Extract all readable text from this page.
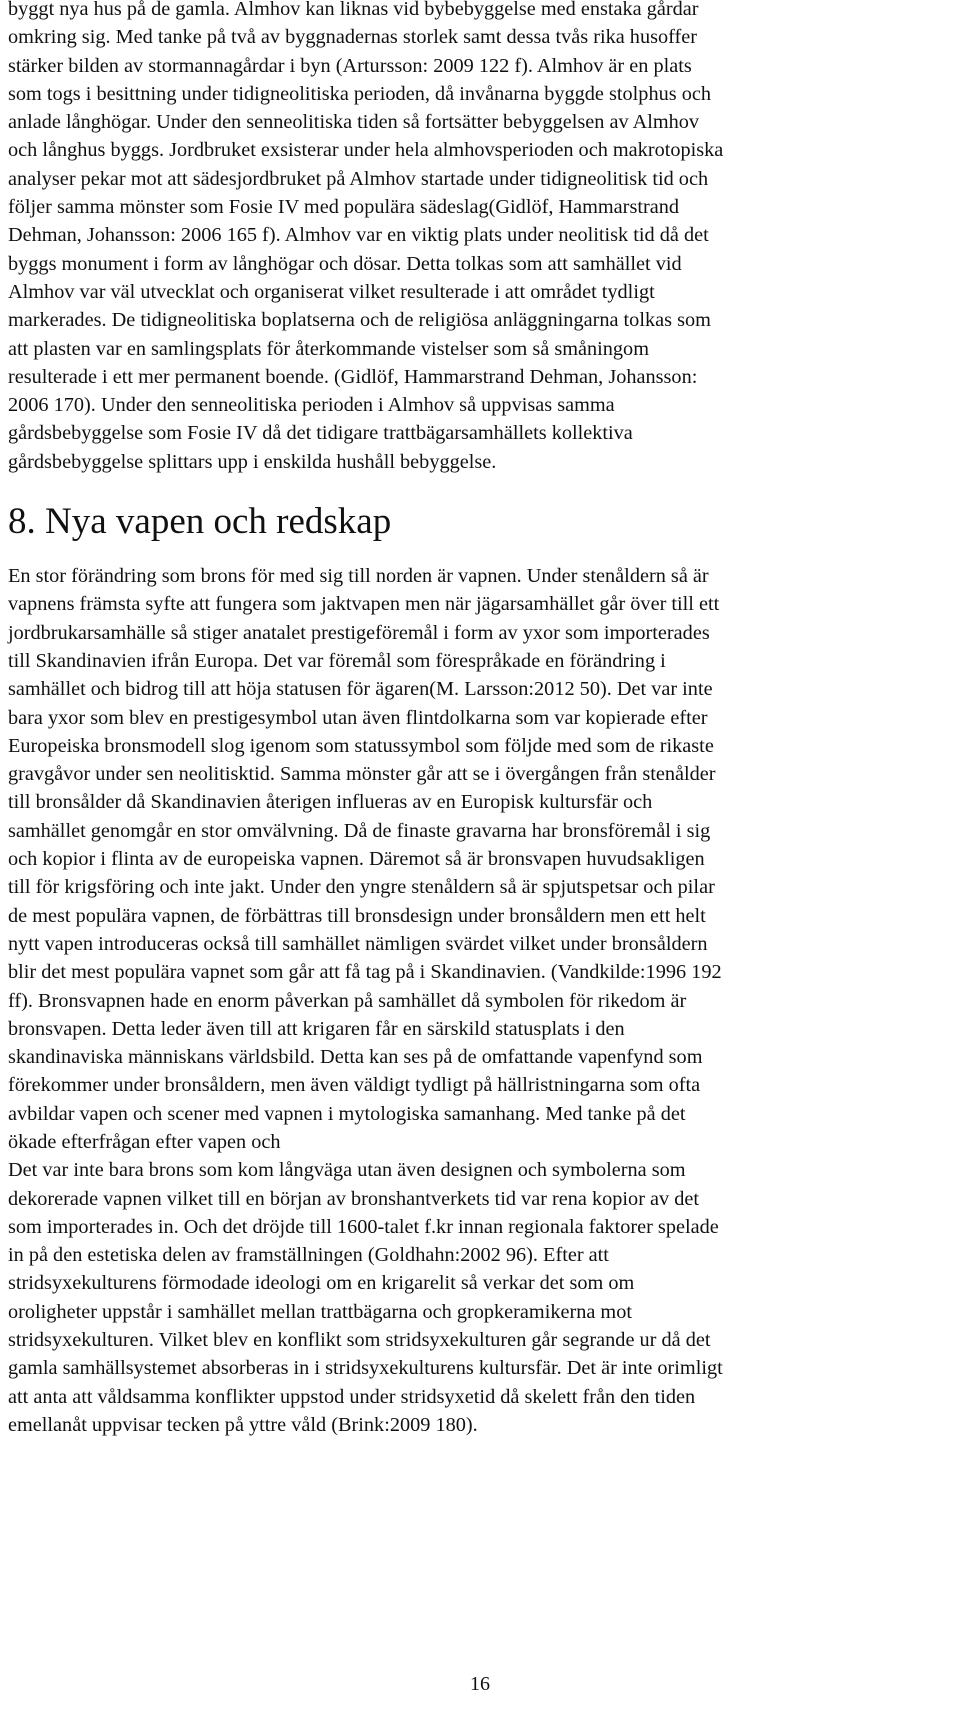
byggt nya hus på de gamla. Almhov kan liknas vid bybebyggelse med enstaka gårdar
omkring sig. Med tanke på två av byggnadernas storlek samt dessa tvås rika husoffer
stärker bilden av stormannagårdar i byn (Artursson: 2009 122 f). Almhov är en plats
som togs i besittning under tidigneolitiska perioden, då invånarna byggde stolphus och
anlade långhögar. Under den senneolitiska tiden så fortsätter bebyggelsen av Almhov
och långhus byggs. Jordbruket exsisterar under hela almhovsperioden och makrotopiska
analyser pekar mot att sädesjordbruket på Almhov startade under tidigneolitisk tid och
följer samma mönster som Fosie IV med populära sädeslag(Gidlöf, Hammarstrand
Dehman, Johansson: 2006 165 f). Almhov var en viktig plats under neolitisk tid då det
byggs monument i form av långhögar och dösar. Detta tolkas som att samhället vid
Almhov var väl utvecklat och organiserat vilket resulterade i att området tydligt
markerades. De tidigneolitiska boplatserna och de religiösa anläggningarna tolkas som
att plasten var en samlingsplats för återkommande vistelser som så småningom
resulterade i ett mer permanent boende. (Gidlöf, Hammarstrand Dehman, Johansson:
2006 170). Under den senneolitiska perioden i Almhov så uppvisas samma
gårdsbebyggelse som Fosie IV då det tidigare trattbägarsamhällets kollektiva
gårdsbebyggelse splittars upp i enskilda hushåll bebyggelse.

8. Nya vapen och redskap

En stor förändring som brons för med sig till norden är vapnen. Under stenåldern så är
vapnens främsta syfte att fungera som jaktvapen men när jägarsamhället går över till ett
jordbrukarsamhälle så stiger anatalet prestigeföremål i form av yxor som importerades
till Skandinavien ifrån Europa. Det var föremål som förespråkade en förändring i
samhället och bidrog till att höja statusen för ägaren(M. Larsson:2012 50). Det var inte
bara yxor som blev en prestigesymbol utan även flintdolkarna som var kopierade efter
Europeiska bronsmodell slog igenom som statussymbol som följde med som de rikaste
gravgåvor under sen neolitisktid. Samma mönster går att se i övergången från stenålder
till bronsålder då Skandinavien återigen influeras av en Europisk kultursfär och
samhället genomgår en stor omvälvning. Då de finaste gravarna har bronsföremål i sig
och kopior i flinta av de europeiska vapnen. Däremot så är bronsvapen huvudsakligen
till för krigsföring och inte jakt. Under den yngre stenåldern så är spjutspetsar och pilar
de mest populära vapnen, de förbättras till bronsdesign under bronsåldern men ett helt
nytt vapen introduceras också till samhället nämligen svärdet vilket under bronsåldern
blir det mest populära vapnet som går att få tag på i Skandinavien. (Vandkilde:1996 192
ff). Bronsvapnen hade en enorm påverkan på samhället då symbolen för rikedom är
bronsvapen. Detta leder även till att krigaren får en särskild statusplats i den
skandinaviska människans världsbild. Detta kan ses på de omfattande vapenfynd som
förekommer under bronsåldern, men även väldigt tydligt på hällristningarna som ofta
avbildar vapen och scener med vapnen i mytologiska samanhang. Med tanke på det
ökade efterfrågan efter vapen och

Det var inte bara brons som kom långväga utan även designen och symbolerna som
dekorerade vapnen vilket till en början av bronshantverkets tid var rena kopior av det
som importerades in. Och det dröjde till 1600-talet f.kr innan regionala faktorer spelade
in på den estetiska delen av framställningen (Goldhahn:2002 96). Efter att
stridsyxekulturens förmodade ideologi om en krigarelit så verkar det som om
oroligheter uppstår i samhället mellan trattbägarna och gropkeramikerna mot
stridsyxekulturen. Vilket blev en konflikt som stridsyxekulturen går segrande ur då det
gamla samhällsystemet absorberas in i stridsyxekulturens kultursfär. Det är inte orimligt
att anta att våldsamma konflikter uppstod under stridsyxetid då skelett från den tiden
emellanåt uppvisar tecken på yttre våld (Brink:2009 180).

16
